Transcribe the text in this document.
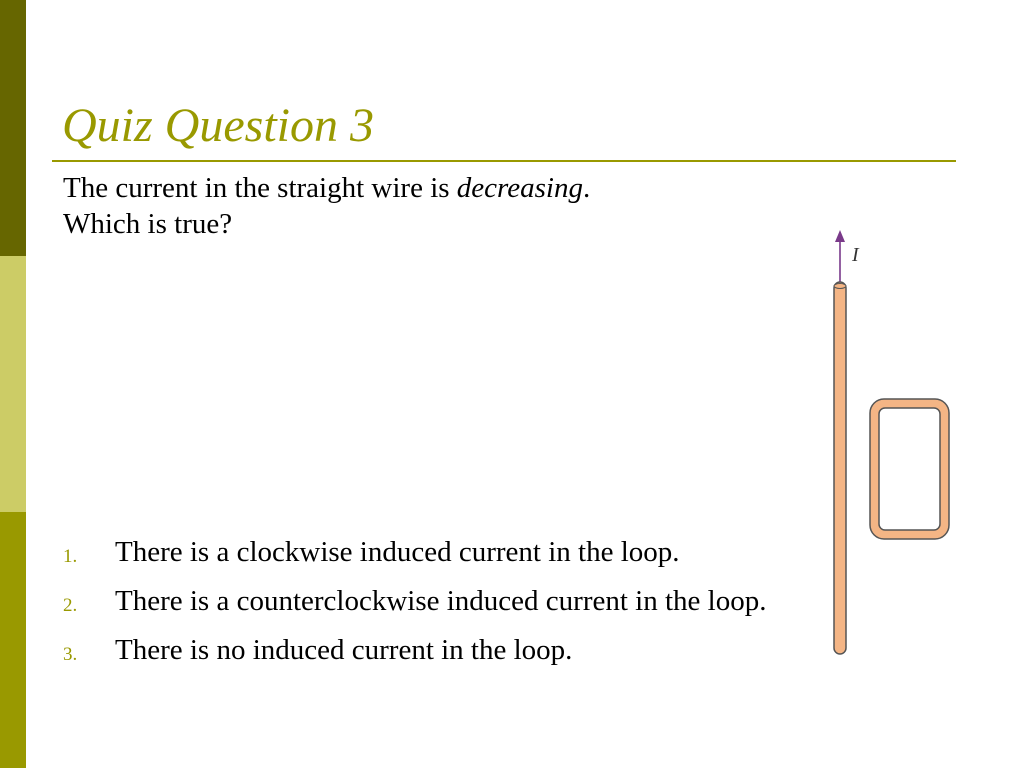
Quiz Question 3
The current in the straight wire is decreasing.
Which is true?
1. There is a clockwise induced current in the loop.
2. There is a counterclockwise induced current in the loop.
3. There is no induced current in the loop.
I
